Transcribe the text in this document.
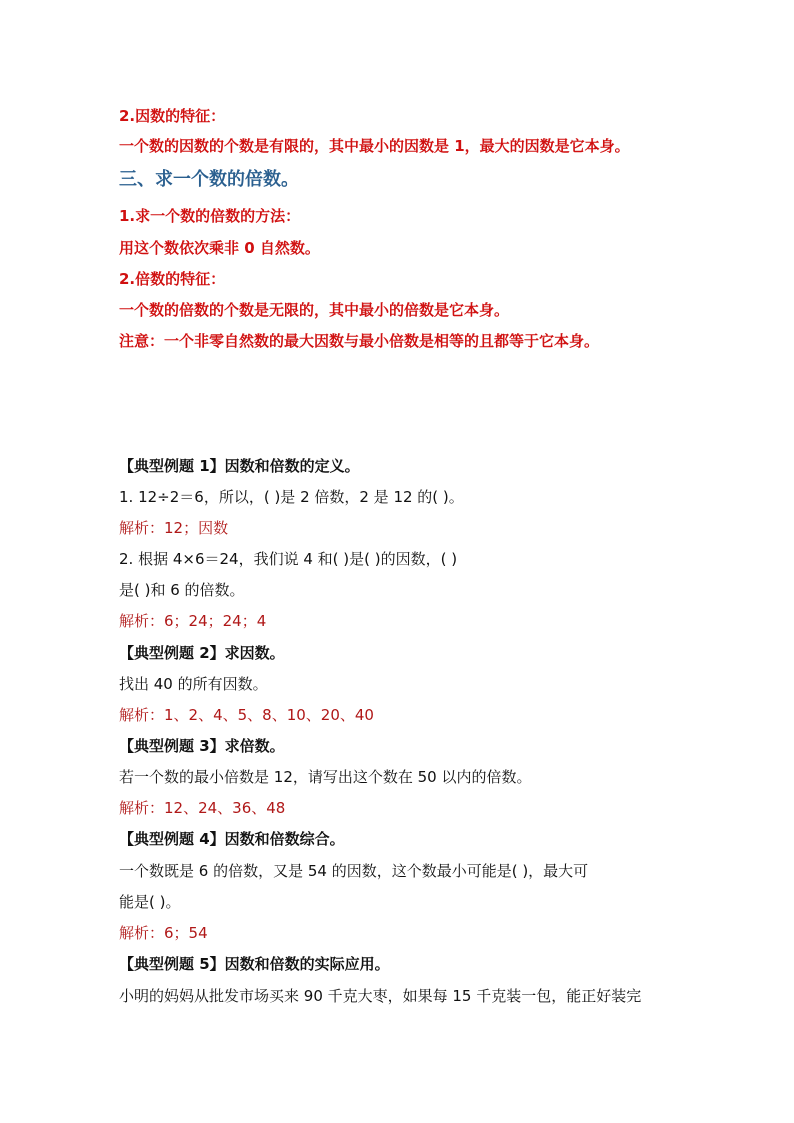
2.因数的特征：
一个数的因数的个数是有限的，其中最小的因数是 1，最大的因数是它本身。
三、求一个数的倍数。
1.求一个数的倍数的方法：
用这个数依次乘非 0 自然数。
2.倍数的特征：
一个数的倍数的个数是无限的，其中最小的倍数是它本身。
注意：一个非零自然数的最大因数与最小倍数是相等的且都等于它本身。
【典型例题 1】因数和倍数的定义。
1. 12÷2＝6，所以，( )是 2 倍数，2 是 12 的( )。
解析：12；因数
2. 根据 4×6＝24，我们说 4 和( )是( )的因数，( )
是( )和 6 的倍数。
解析：6；24；24；4
【典型例题 2】求因数。
找出 40 的所有因数。
解析：1、2、4、5、8、10、20、40
【典型例题 3】求倍数。
若一个数的最小倍数是 12，请写出这个数在 50 以内的倍数。
解析：12、24、36、48
【典型例题 4】因数和倍数综合。
一个数既是 6 的倍数，又是 54 的因数，这个数最小可能是( )，最大可
能是( )。
解析：6；54
【典型例题 5】因数和倍数的实际应用。
小明的妈妈从批发市场买来 90 千克大枣，如果每 15 千克装一包，能正好装完
